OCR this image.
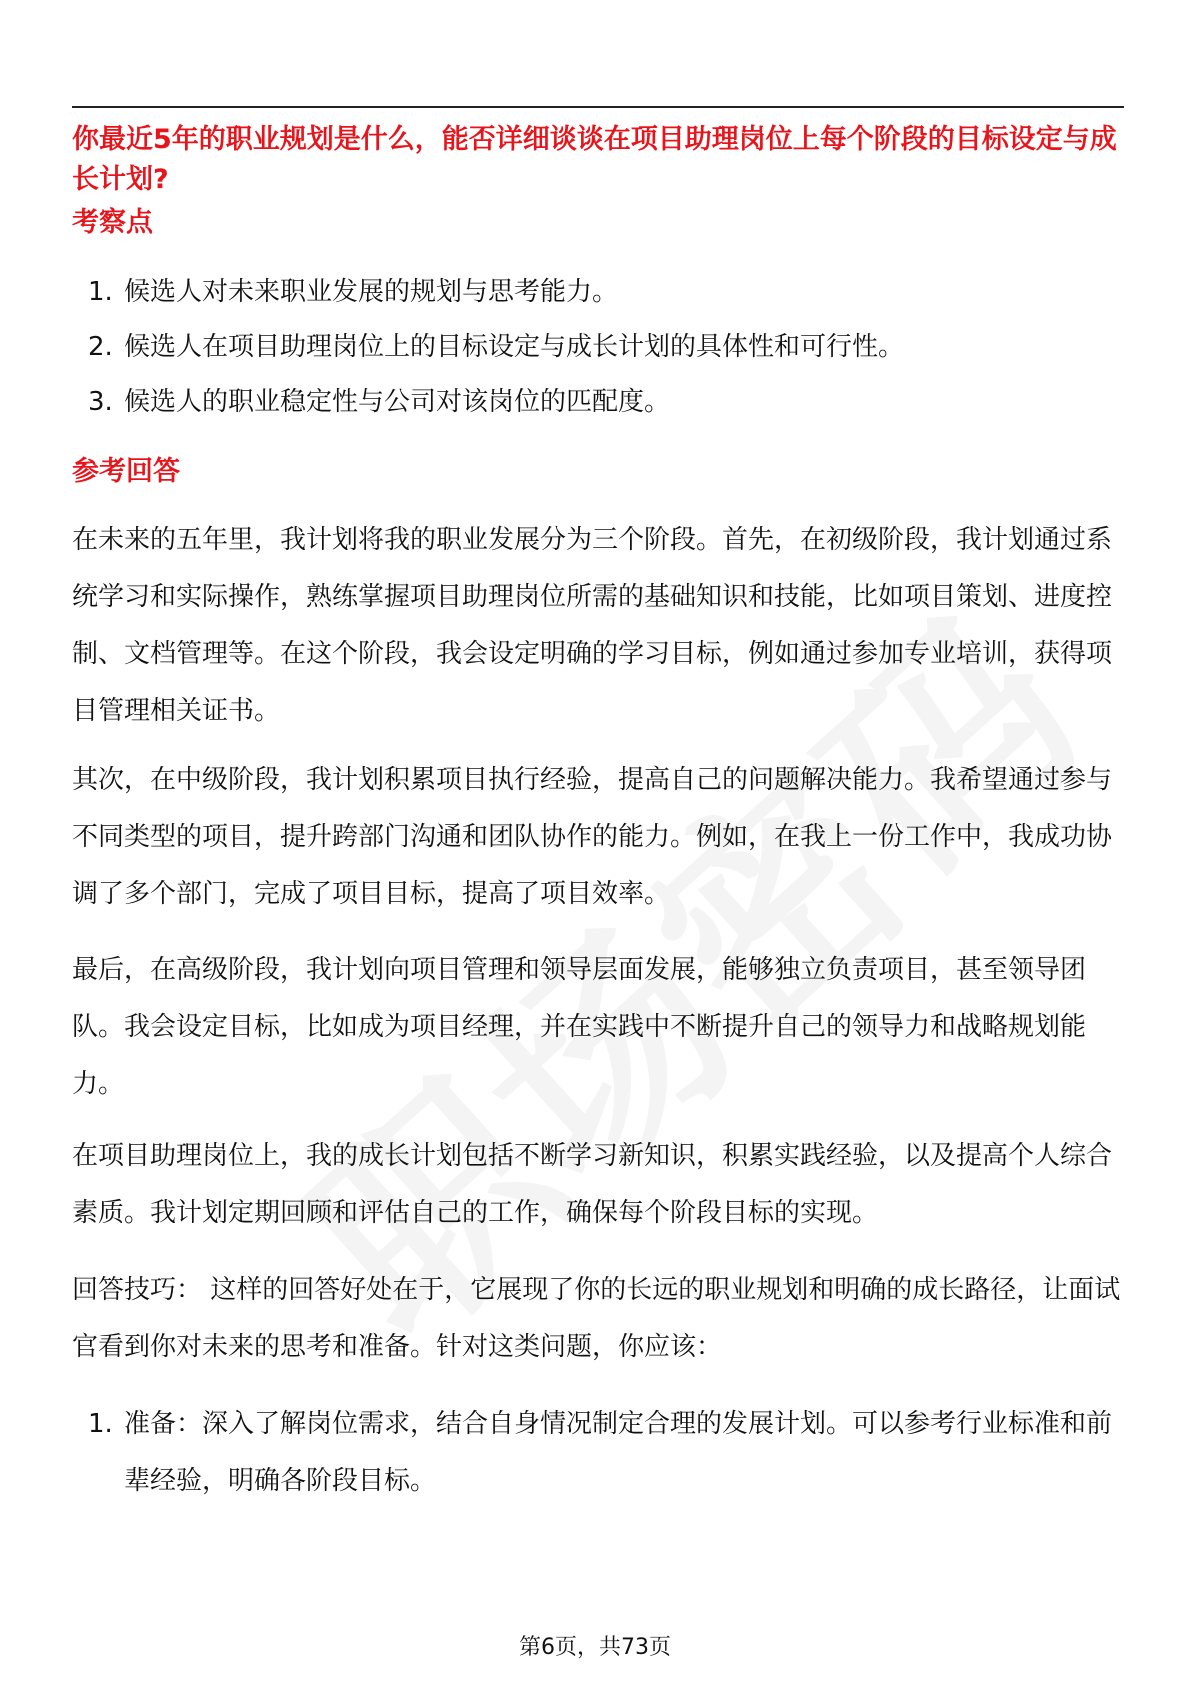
你最近5年的职业规划是什么，能否详细谈谈在项目助理岗位上每个阶段的目标设定与成长计划?
考察点
1. 候选人对未来职业发展的规划与思考能力。
2. 候选人在项目助理岗位上的目标设定与成长计划的具体性和可行性。
3. 候选人的职业稳定性与公司对该岗位的匹配度。
参考回答

在未来的五年里，我计划将我的职业发展分为三个阶段。首先，在初级阶段，我计划通过系统学习和实际操作，熟练掌握项目助理岗位所需的基础知识和技能，比如项目策划、进度控制、文档管理等。在这个阶段，我会设定明确的学习目标，例如通过参加专业培训，获得项目管理相关证书。

其次，在中级阶段，我计划积累项目执行经验，提高自己的问题解决能力。我希望通过参与不同类型的项目，提升跨部门沟通和团队协作的能力。例如，在我上一份工作中，我成功协调了多个部门，完成了项目目标，提高了项目效率。

最后，在高级阶段，我计划向项目管理和领导层面发展，能够独立负责项目，甚至领导团队。我会设定目标，比如成为项目经理，并在实践中不断提升自己的领导力和战略规划能力。

在项目助理岗位上，我的成长计划包括不断学习新知识，积累实践经验，以及提高个人综合素质。我计划定期回顾和评估自己的工作，确保每个阶段目标的实现。

回答技巧： 这样的回答好处在于，它展现了你的长远的职业规划和明确的成长路径，让面试官看到你对未来的思考和准备。针对这类问题，你应该：

1. 准备：深入了解岗位需求，结合自身情况制定合理的发展计划。可以参考行业标准和前辈经验，明确各阶段目标。
第6页，共73页
